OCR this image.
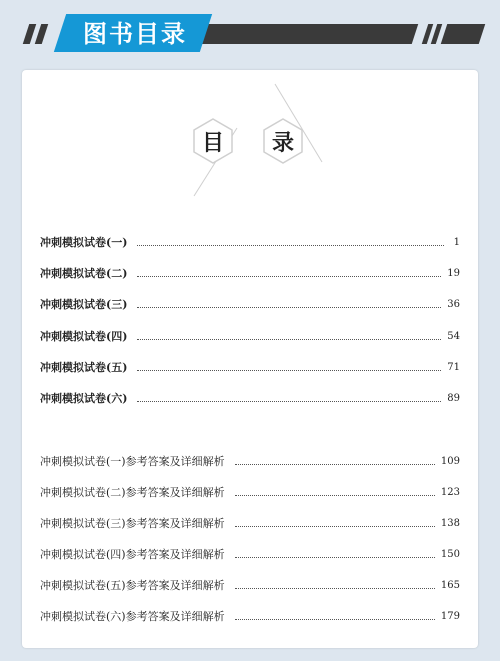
图书目录
目 录
冲刺模拟试卷(一)	1
冲刺模拟试卷(二)	19
冲刺模拟试卷(三)	36
冲刺模拟试卷(四)	54
冲刺模拟试卷(五)	71
冲刺模拟试卷(六)	89
冲刺模拟试卷(一)参考答案及详细解析	109
冲刺模拟试卷(二)参考答案及详细解析	123
冲刺模拟试卷(三)参考答案及详细解析	138
冲刺模拟试卷(四)参考答案及详细解析	150
冲刺模拟试卷(五)参考答案及详细解析	165
冲刺模拟试卷(六)参考答案及详细解析	179
